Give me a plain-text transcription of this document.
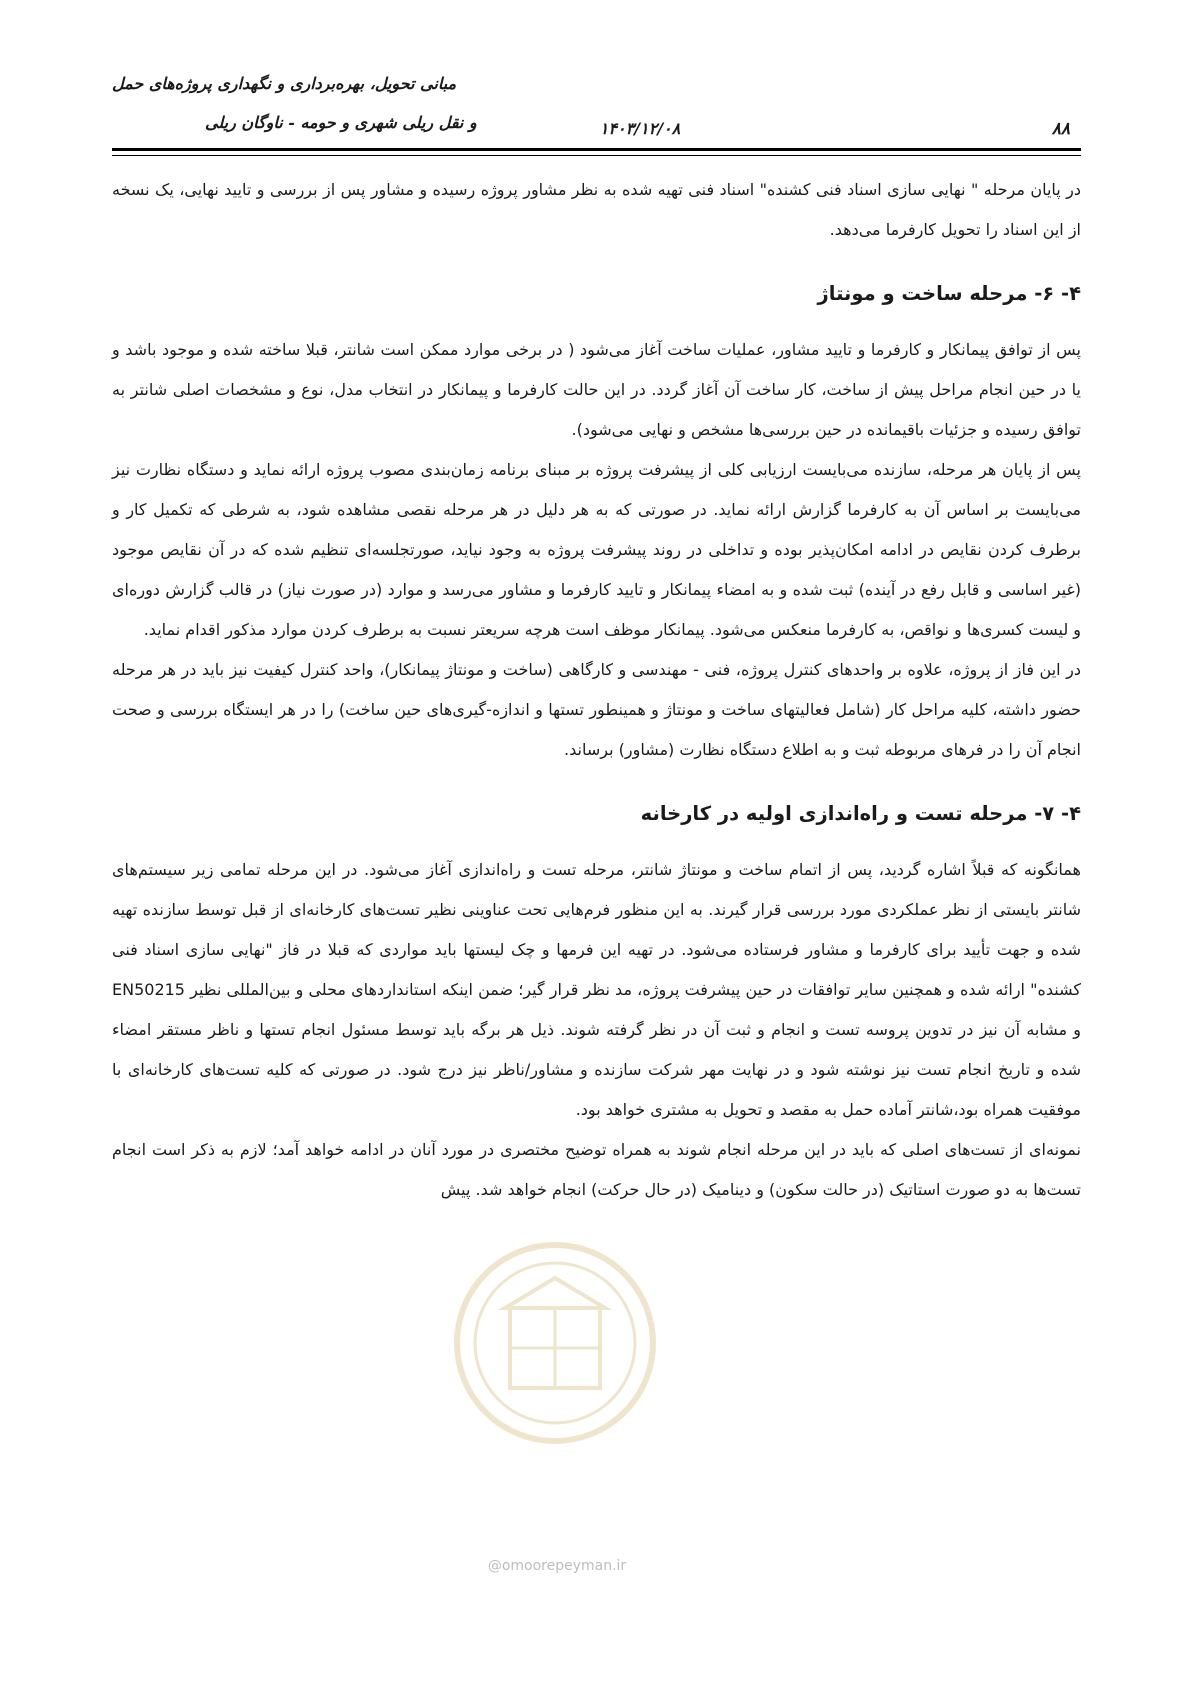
مبانی تحویل، بهره‌برداری و نگهداری پروژه‌های حمل
و نقل ریلی شهری و حومه - ناوگان ریلی	۱۴۰۳/۱۲/۰۸	۸۸

در پایان مرحله " نهایی سازی اسناد فنی کشنده" اسناد فنی تهیه شده به نظر مشاور پروژه رسیده و مشاور پس از بررسی و تایید نهایی، یک نسخه از این اسناد را تحویل کارفرما می‌دهد.

۴- ۶- مرحله ساخت و مونتاژ

پس از توافق پیمانکار و کارفرما و تایید مشاور، عملیات ساخت آغاز می‌شود ( در برخی موارد ممکن است شانتر، قبلا ساخته شده و موجود باشد و یا در حین انجام مراحل پیش از ساخت، کار ساخت آن آغاز گردد. در این حالت کارفرما و پیمانکار در انتخاب مدل، نوع و مشخصات اصلی شانتر به توافق رسیده و جزئیات باقیمانده در حین بررسی‌ها مشخص و نهایی می‌شود).

پس از پایان هر مرحله، سازنده می‌بایست ارزیابی کلی از پیشرفت پروژه بر مبنای برنامه زمان‌بندی مصوب پروژه ارائه نماید و دستگاه نظارت نیز می‌بایست بر اساس آن به کارفرما گزارش ارائه نماید. در صورتی که به هر دلیل در هر مرحله نقصی مشاهده شود، به شرطی که تکمیل کار و برطرف کردن نقایص در ادامه امکان‌پذیر بوده و تداخلی در روند پیشرفت پروژه به وجود نیاید، صورتجلسه‌ای تنظیم شده که در آن نقایص موجود (غیر اساسی و قابل رفع در آینده) ثبت شده و به امضاء پیمانکار و تایید کارفرما و مشاور می‌رسد و موارد (در صورت نیاز) در قالب گزارش دوره‌ای و لیست کسری‌ها و نواقص، به کارفرما منعکس می‌شود. پیمانکار موظف است هرچه سریعتر نسبت به برطرف کردن موارد مذکور اقدام نماید.

در این فاز از پروژه، علاوه بر واحدهای کنترل پروژه، فنی - مهندسی و کارگاهی (ساخت و مونتاژ پیمانکار)، واحد کنترل کیفیت نیز باید در هر مرحله حضور داشته، کلیه مراحل کار (شامل فعالیتهای ساخت و مونتاژ و همینطور تستها و اندازه-گیری‌های حین ساخت) را در هر ایستگاه بررسی و صحت انجام آن را در فرهای مربوطه ثبت و به اطلاع دستگاه نظارت (مشاور) برساند.

۴- ۷- مرحله تست و راه‌اندازی اولیه در کارخانه

همانگونه که قبلاً اشاره گردید، پس از اتمام ساخت و مونتاژ شانتر، مرحله تست و راه‌اندازی آغاز می‌شود. در این مرحله تمامی زیر سیستم‌های شانتر بایستی از نظر عملکردی مورد بررسی قرار گیرند. به این منظور فرم‌هایی تحت عناوینی نظیر تست‌های کارخانه‌ای از قبل توسط سازنده تهیه شده و جهت تأیید برای کارفرما و مشاور فرستاده می‌شود. در تهیه این فرمها و چک لیستها باید مواردی که قبلا در فاز "نهایی سازی اسناد فنی کشنده" ارائه شده و همچنین سایر توافقات در حین پیشرفت پروژه، مد نظر قرار گیر؛ ضمن اینکه استانداردهای محلی و بین‌المللی نظیر EN50215 و مشابه آن نیز در تدوین پروسه تست و انجام و ثبت آن در نظر گرفته شوند. ذیل هر برگه باید توسط مسئول انجام تستها و ناظر مستقر امضاء شده و تاریخ انجام تست نیز نوشته شود و در نهایت مهر شرکت سازنده و مشاور/ناظر نیز درج شود. در صورتی که کلیه تست‌های کارخانه‌ای با موفقیت همراه بود،شانتر آماده حمل به مقصد و تحویل به مشتری خواهد بود.

نمونه‌ای از تست‌های اصلی که باید در این مرحله انجام شوند به همراه توضیح مختصری در مورد آنان در ادامه خواهد آمد؛ لازم به ذکر است انجام تست‌ها به دو صورت استاتیک (در حالت سکون) و دینامیک (در حال حرکت) انجام خواهد شد. پیش

@omoorepeyman.ir
